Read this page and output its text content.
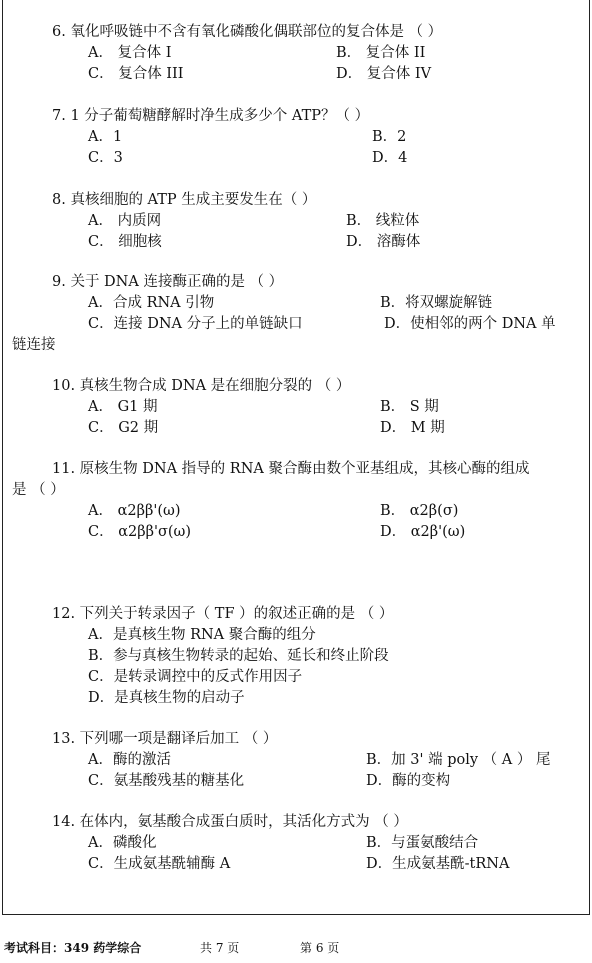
6. 氧化呼吸链中不含有氧化磷酸化偶联部位的复合体是 （ ）
A． 复合体 I	B． 复合体 II
C． 复合体 III	D． 复合体 IV
7. 1 分子葡萄糖酵解时净生成多少个 ATP？（ ）
A．1	B．2
C．3	D．4
8. 真核细胞的 ATP 生成主要发生在（ ）
A． 内质网	B． 线粒体
C． 细胞核	D． 溶酶体
9. 关于 DNA 连接酶正确的是 （ ）
A．合成 RNA 引物	B．将双螺旋解链
C．连接 DNA 分子上的单链缺口	D．使相邻的两个 DNA 单
链连接
10. 真核生物合成 DNA 是在细胞分裂的 （ ）
A． G1 期	B． S 期
C． G2 期	D． M 期
11. 原核生物 DNA 指导的 RNA 聚合酶由数个亚基组成，其核心酶的组成
是 （ ）
A． α2ββ'(ω)	B． α2β(σ)
C． α2ββ'σ(ω)	D． α2β'(ω)
12. 下列关于转录因子（ TF ）的叙述正确的是 （ ）
A．是真核生物 RNA 聚合酶的组分
B．参与真核生物转录的起始、延长和终止阶段
C．是转录调控中的反式作用因子
D．是真核生物的启动子
13. 下列哪一项是翻译后加工 （ ）
A．酶的激活	B．加 3' 端 poly （ A ） 尾
C．氨基酸残基的糖基化	D．酶的变构
14. 在体内，氨基酸合成蛋白质时，其活化方式为 （ ）
A．磷酸化	B．与蛋氨酸结合
C．生成氨基酰辅酶 A	D．生成氨基酰-tRNA
考试科目：349 药学综合	共 7 页	第 6 页
